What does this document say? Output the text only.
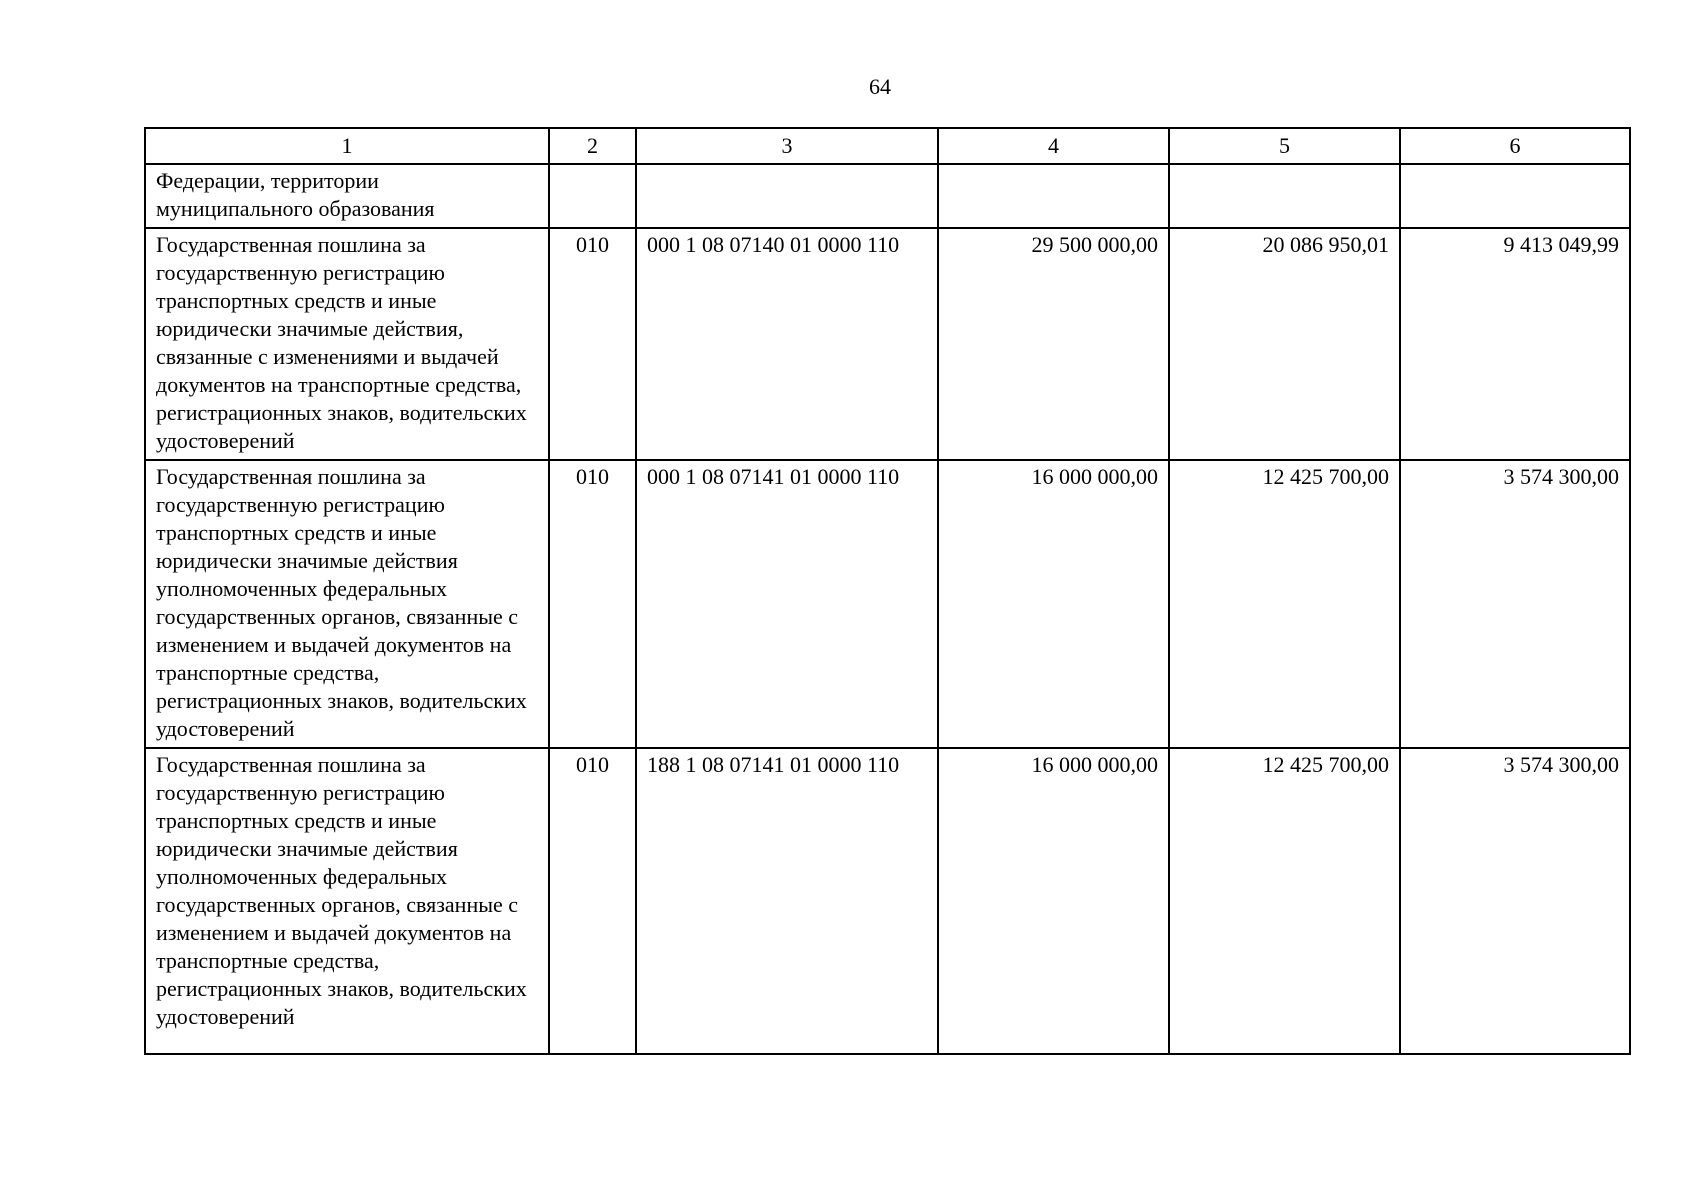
64
1	2	3	4	5	6
Федерации, территории муниципального образования					
Государственная пошлина за государственную регистрацию транспортных средств и иные юридически значимые действия, связанные с изменениями и выдачей документов на транспортные средства, регистрационных знаков, водительских удостоверений	010	000 1 08 07140 01 0000 110	29 500 000,00	20 086 950,01	9 413 049,99
Государственная пошлина за государственную регистрацию транспортных средств и иные юридически значимые действия уполномоченных федеральных государственных органов, связанные с изменением и выдачей документов на транспортные средства, регистрационных знаков, водительских удостоверений	010	000 1 08 07141 01 0000 110	16 000 000,00	12 425 700,00	3 574 300,00
Государственная пошлина за государственную регистрацию транспортных средств и иные юридически значимые действия уполномоченных федеральных государственных органов, связанные с изменением и выдачей документов на транспортные средства, регистрационных знаков, водительских удостоверений	010	188 1 08 07141 01 0000 110	16 000 000,00	12 425 700,00	3 574 300,00
